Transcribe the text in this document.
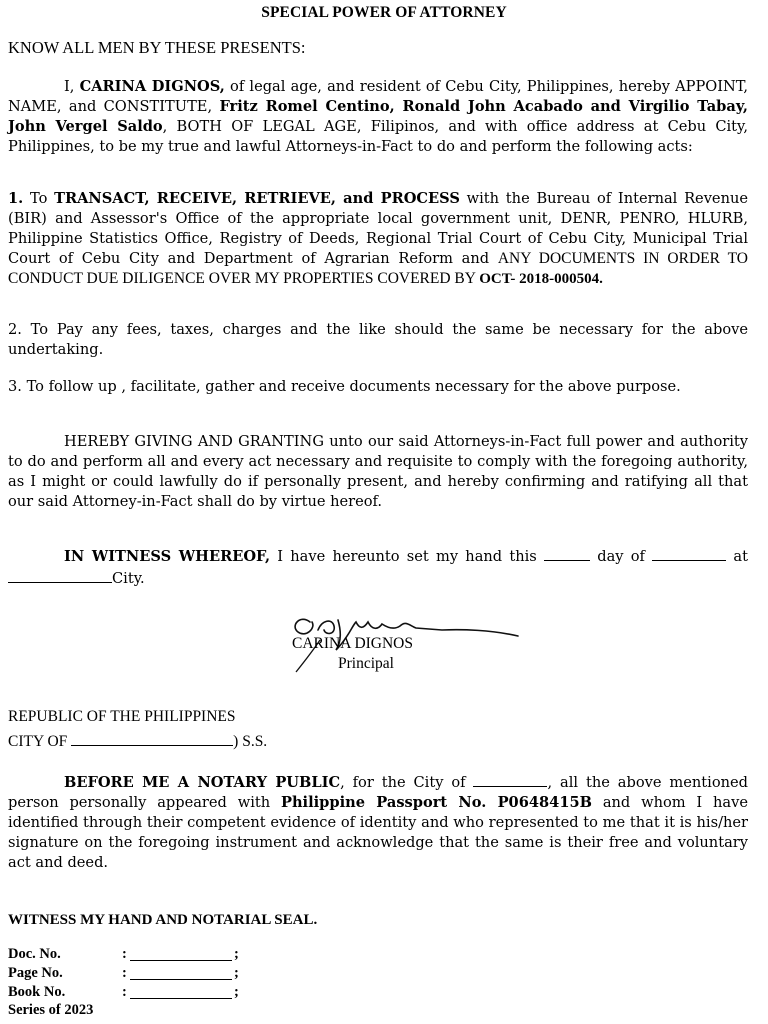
SPECIAL POWER OF ATTORNEY
KNOW ALL MEN BY THESE PRESENTS:

I, CARINA DIGNOS, of legal age, and resident of Cebu City, Philippines, hereby APPOINT, NAME, and CONSTITUTE, Fritz Romel Centino, Ronald John Acabado and Virgilio Tabay, John Vergel Saldo, BOTH OF LEGAL AGE, Filipinos, and with office address at Cebu City, Philippines, to be my true and lawful Attorneys-in-Fact to do and perform the following acts:

1. To TRANSACT, RECEIVE, RETRIEVE, and PROCESS with the Bureau of Internal Revenue (BIR) and Assessor's Office of the appropriate local government unit, DENR, PENRO, HLURB, Philippine Statistics Office, Registry of Deeds, Regional Trial Court of Cebu City, Municipal Trial Court of Cebu City and Department of Agrarian Reform and ANY DOCUMENTS IN ORDER TO CONDUCT DUE DILIGENCE OVER MY PROPERTIES COVERED BY OCT- 2018-000504.

2. To Pay any fees, taxes, charges and the like should the same be necessary for the above undertaking.

3. To follow up , facilitate, gather and receive documents necessary for the above purpose.

HEREBY GIVING AND GRANTING unto our said Attorneys-in-Fact full power and authority to do and perform all and every act necessary and requisite to comply with the foregoing authority, as I might or could lawfully do if personally present, and hereby confirming and ratifying all that our said Attorney-in-Fact shall do by virtue hereof.

IN WITNESS WHEREOF, I have hereunto set my hand this	day of	at City.

CARINA DIGNOS
Principal
REPUBLIC OF THE PHILIPPINES
CITY OF	) S.S.

BEFORE ME A NOTARY PUBLIC, for the City of	, all the above mentioned person personally appeared with Philippine Passport No. P0648415B and whom I have identified through their competent evidence of identity and who represented to me that it is his/her signature on the foregoing instrument and acknowledge that the same is their free and voluntary act and deed.

WITNESS MY HAND AND NOTARIAL SEAL.
Doc. No.	:	;
Page No.	:	;
Book No.	:	;
Series of 2023
